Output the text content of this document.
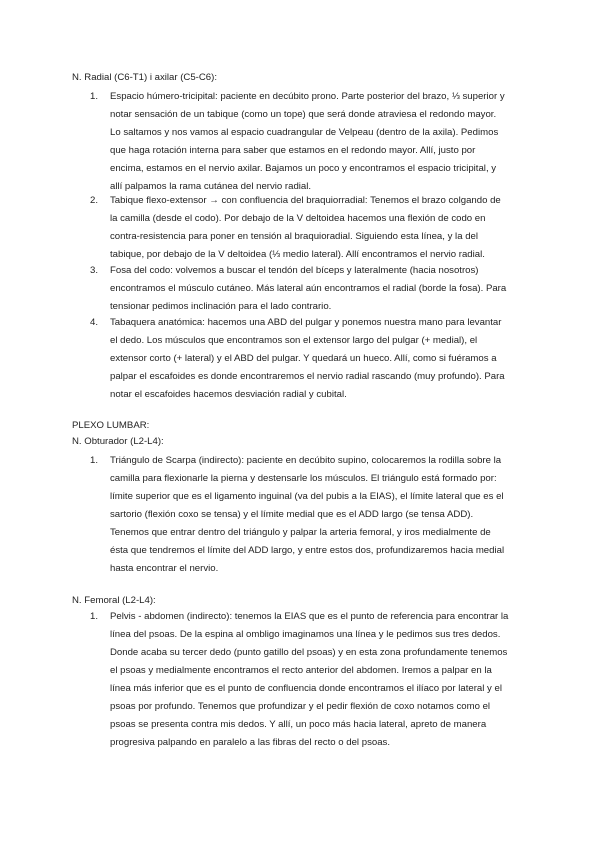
N. Radial (C6-T1) i axilar (C5-C6):
1. Espacio húmero-tricipital: paciente en decúbito prono. Parte posterior del brazo, ⅓ superior y
notar sensación de un tabique (como un tope) que será donde atraviesa el redondo mayor.
Lo saltamos y nos vamos al espacio cuadrangular de Velpeau (dentro de la axila). Pedimos
que haga rotación interna para saber que estamos en el redondo mayor. Allí, justo por
encima, estamos en el nervio axilar. Bajamos un poco y encontramos el espacio tricipital, y
allí palpamos la rama cutánea del nervio radial.
2. Tabique flexo-extensor → con confluencia del braquiorradial: Tenemos el brazo colgando de
la camilla (desde el codo). Por debajo de la V deltoidea hacemos una flexión de codo en
contra-resistencia para poner en tensión al braquioradial. Siguiendo esta línea, y la del
tabique, por debajo de la V deltoidea (⅓ medio lateral). Allí encontramos el nervio radial.
3. Fosa del codo: volvemos a buscar el tendón del bíceps y lateralmente (hacia nosotros)
encontramos el músculo cutáneo. Más lateral aún encontramos el radial (borde la fosa). Para
tensionar pedimos inclinación para el lado contrario.
4. Tabaquera anatómica: hacemos una ABD del pulgar y ponemos nuestra mano para levantar
el dedo. Los músculos que encontramos son el extensor largo del pulgar (+ medial), el
extensor corto (+ lateral) y el ABD del pulgar. Y quedará un hueco. Allí, como si fuéramos a
palpar el escafoides es donde encontraremos el nervio radial rascando (muy profundo). Para
notar el escafoides hacemos desviación radial y cubital.
PLEXO LUMBAR:
N. Obturador (L2-L4):
1. Triángulo de Scarpa (indirecto): paciente en decúbito supino, colocaremos la rodilla sobre la
camilla para flexionarle la pierna y destensarle los músculos. El triángulo está formado por:
límite superior que es el ligamento inguinal (va del pubis a la EIAS), el límite lateral que es el
sartorio (flexión coxo se tensa) y el límite medial que es el ADD largo (se tensa ADD).
Tenemos que entrar dentro del triángulo y palpar la arteria femoral, y iros medialmente de
ésta que tendremos el límite del ADD largo, y entre estos dos, profundizaremos hacia medial
hasta encontrar el nervio.
N. Femoral (L2-L4):
1. Pelvis - abdomen (indirecto): tenemos la EIAS que es el punto de referencia para encontrar la
línea del psoas. De la espina al ombligo imaginamos una línea y le pedimos sus tres dedos.
Donde acaba su tercer dedo (punto gatillo del psoas) y en esta zona profundamente tenemos
el psoas y medialmente encontramos el recto anterior del abdomen. Iremos a palpar en la
línea más inferior que es el punto de confluencia donde encontramos el ilíaco por lateral y el
psoas por profundo. Tenemos que profundizar y el pedir flexión de coxo notamos como el
psoas se presenta contra mis dedos. Y allí, un poco más hacia lateral, apreto de manera
progresiva palpando en paralelo a las fibras del recto o del psoas.
